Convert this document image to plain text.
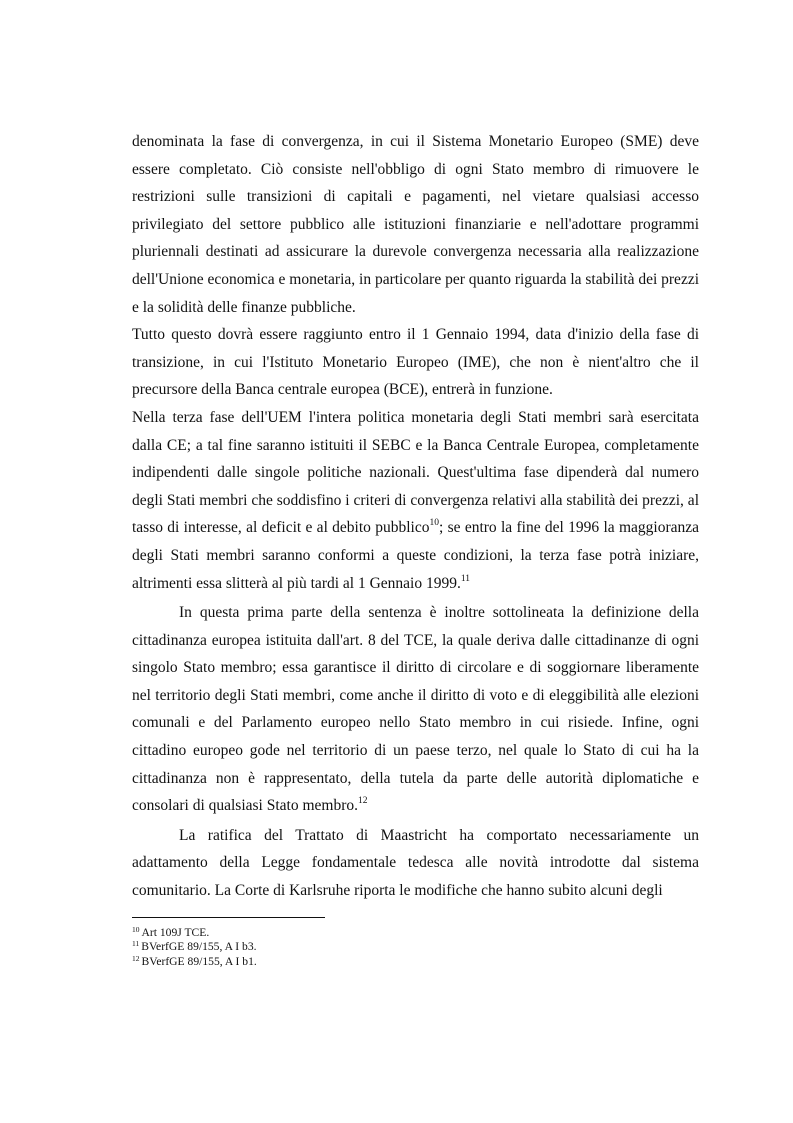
denominata la fase di convergenza, in cui il Sistema Monetario Europeo (SME) deve essere completato. Ciò consiste nell'obbligo di ogni Stato membro di rimuovere le restrizioni sulle transizioni di capitali e pagamenti, nel vietare qualsiasi accesso privilegiato del settore pubblico alle istituzioni finanziarie e nell'adottare programmi pluriennali destinati ad assicurare la durevole convergenza necessaria alla realizzazione dell'Unione economica e monetaria, in particolare per quanto riguarda la stabilità dei prezzi e la solidità delle finanze pubbliche.

Tutto questo dovrà essere raggiunto entro il 1 Gennaio 1994, data d'inizio della fase di transizione, in cui l'Istituto Monetario Europeo (IME), che non è nient'altro che il precursore della Banca centrale europea (BCE), entrerà in funzione.

Nella terza fase dell'UEM l'intera politica monetaria degli Stati membri sarà esercitata dalla CE; a tal fine saranno istituiti il SEBC e la Banca Centrale Europea, completamente indipendenti dalle singole politiche nazionali. Quest'ultima fase dipenderà dal numero degli Stati membri che soddisfino i criteri di convergenza relativi alla stabilità dei prezzi, al tasso di interesse, al deficit e al debito pubblico$^{10}$; se entro la fine del 1996 la maggioranza degli Stati membri saranno conformi a queste condizioni, la terza fase potrà iniziare, altrimenti essa slitterà al più tardi al 1 Gennaio 1999.11

In questa prima parte della sentenza è inoltre sottolineata la definizione della cittadinanza europea istituita dall'art. 8 del TCE, la quale deriva dalle cittadinanze di ogni singolo Stato membro; essa garantisce il diritto di circolare e di soggiornare liberamente nel territorio degli Stati membri, come anche il diritto di voto e di eleggibilità alle elezioni comunali e del Parlamento europeo nello Stato membro in cui risiede. Infine, ogni cittadino europeo gode nel territorio di un paese terzo, nel quale lo Stato di cui ha la cittadinanza non è rappresentato, della tutela da parte delle autorità diplomatiche e consolari di qualsiasi Stato membro.$^{12}$

La ratifica del Trattato di Maastricht ha comportato necessariamente un adattamento della Legge fondamentale tedesca alle novità introdotte dal sistema comunitario. La Corte di Karlsruhe riporta le modifiche che hanno subito alcuni degli

$^{10}$ Art 109J TCE.
$^{11}$ BVerfGE 89/155, A I b3.
$^{12}$ BVerfGE 89/155, A I b1.
